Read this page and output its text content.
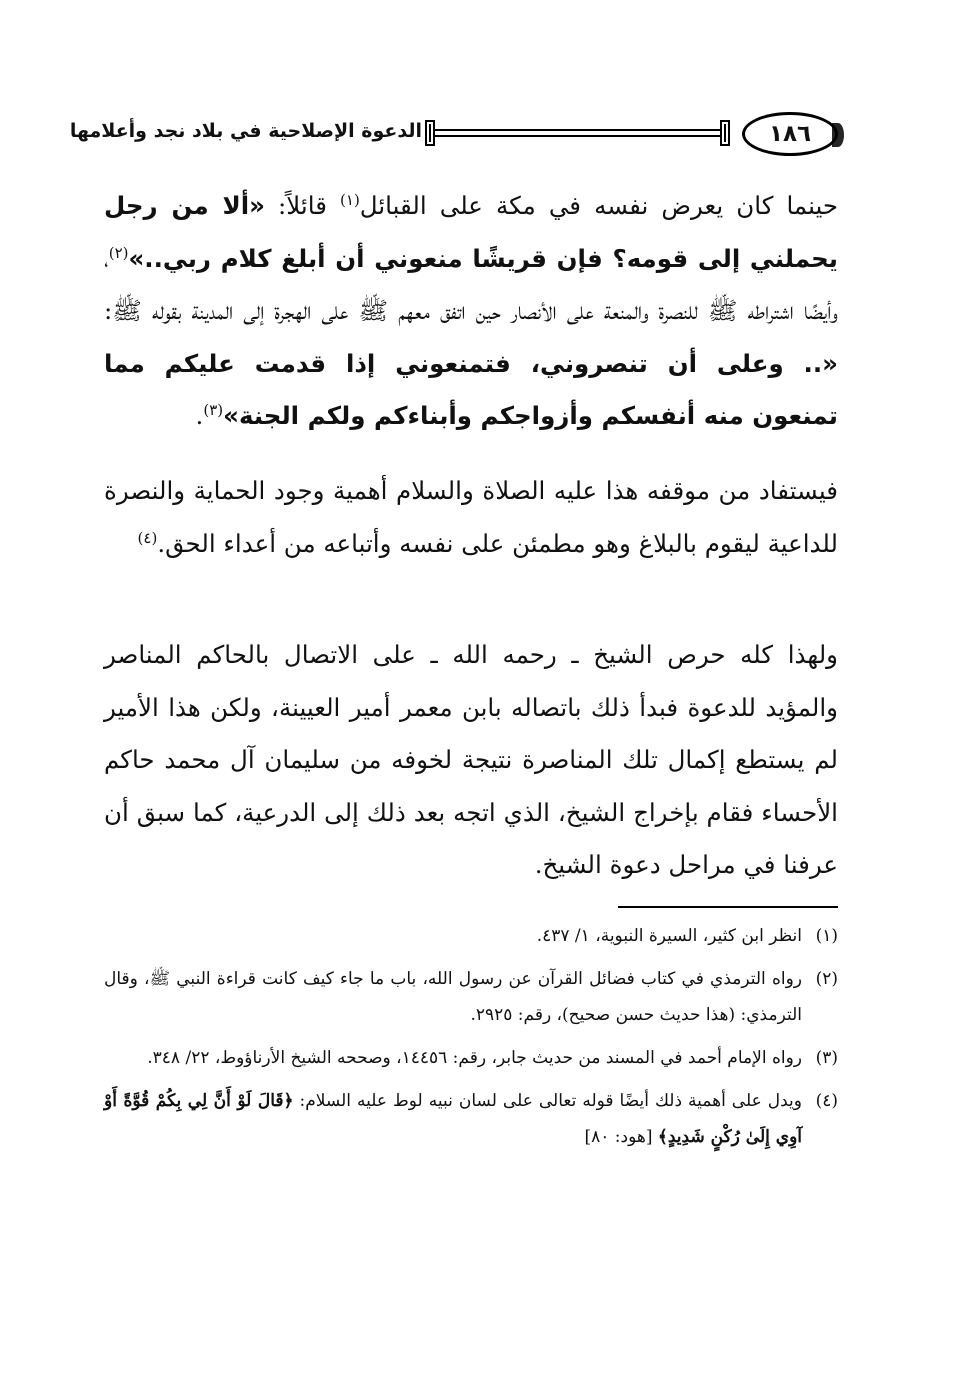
الدعوة الإصلاحية في بلاد نجد وأعلامها	١٨٦

حينما كان يعرض نفسه في مكة على القبائل$^{(١)}$ قائلاً: «ألا من رجل يحملني إلى قومه؟ فإن قريشًا منعوني أن أبلغ كلام ربي..»$^{(٢)}$، وأيضًا اشتراطه ﷺ للنصرة والمنعة على الأنصار حين اتفق معهم ﷺ على الهجرة إلى المدينة بقوله ﷺ: «.. وعلى أن تنصروني، فتمنعوني إذا قدمت عليكم مما تمنعون منه أنفسكم وأزواجكم وأبناءكم ولكم الجنة»$^{(٣)}$.

فيستفاد من موقفه هذا عليه الصلاة والسلام أهمية وجود الحماية والنصرة للداعية ليقوم بالبلاغ وهو مطمئن على نفسه وأتباعه من أعداء الحق.$^{(٤)}$

ولهذا كله حرص الشيخ ـ رحمه الله ـ على الاتصال بالحاكم المناصر والمؤيد للدعوة فبدأ ذلك باتصاله بابن معمر أمير العيينة، ولكن هذا الأمير لم يستطع إكمال تلك المناصرة نتيجة لخوفه من سليمان آل محمد حاكم الأحساء فقام بإخراج الشيخ، الذي اتجه بعد ذلك إلى الدرعية، كما سبق أن عرفنا في مراحل دعوة الشيخ.

(١)
انظر ابن كثير، السيرة النبوية، ١/ ٤٣٧.
(٢)
رواه الترمذي في كتاب فضائل القرآن عن رسول الله، باب ما جاء كيف كانت قراءة النبي ﷺ، وقال الترمذي: (هذا حديث حسن صحيح)، رقم: ٢٩٢٥.
(٣)
رواه الإمام أحمد في المسند من حديث جابر، رقم: ١٤٤٥٦، وصححه الشيخ الأرناؤوط، ٢٢/ ٣٤٨.
(٤)
ويدل على أهمية ذلك أيضًا قوله تعالى على لسان نبيه لوط عليه السلام: ﴿قَالَ لَوْ أَنَّ لِي بِكُمْ قُوَّةً أَوْ آوِي إِلَىٰ رُكْنٍ شَدِيدٍ﴾ [هود: ٨٠]
